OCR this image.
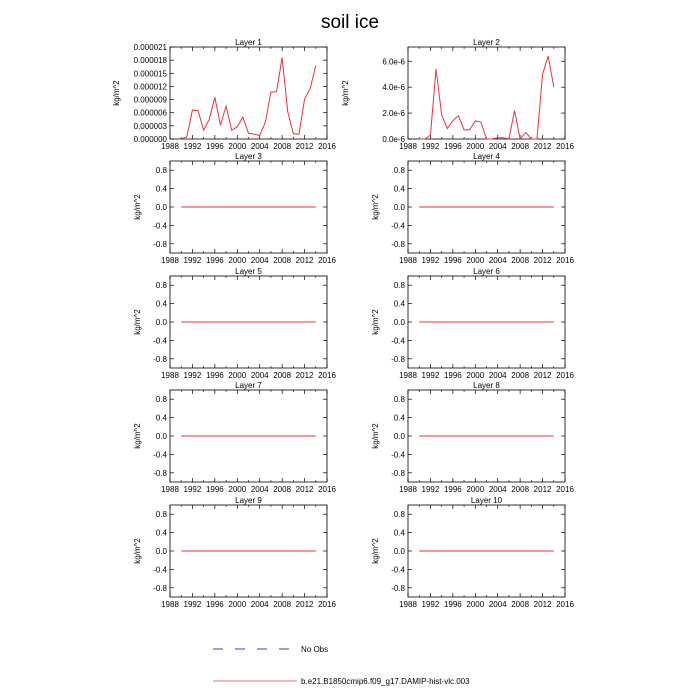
soil ice
Layer 1
1988 1992 1996 2000 2004 2008 2012 2016
0.000000
0.000003
0.000006
0.000009
0.000012
0.000015
0.000018
0.000021
kg/m^2
Layer 2
1988 1992 1996 2000 2004 2008 2012 2016
0.0e-6
2.0e-6
4.0e-6
6.0e-6
kg/m^2
Layer 3
1988 1992 1996 2000 2004 2008 2012 2016
-0.8
-0.4
0.0
0.4
0.8
kg/m^2
Layer 4
1988 1992 1996 2000 2004 2008 2012 2016
-0.8
-0.4
0.0
0.4
0.8
kg/m^2
Layer 5
1988 1992 1996 2000 2004 2008 2012 2016
-0.8
-0.4
0.0
0.4
0.8
kg/m^2
Layer 6
1988 1992 1996 2000 2004 2008 2012 2016
-0.8
-0.4
0.0
0.4
0.8
kg/m^2
Layer 7
1988 1992 1996 2000 2004 2008 2012 2016
-0.8
-0.4
0.0
0.4
0.8
kg/m^2
Layer 8
1988 1992 1996 2000 2004 2008 2012 2016
-0.8
-0.4
0.0
0.4
0.8
kg/m^2
Layer 9
1988 1992 1996 2000 2004 2008 2012 2016
-0.8
-0.4
0.0
0.4
0.8
kg/m^2
Layer 10
1988 1992 1996 2000 2004 2008 2012 2016
-0.8
-0.4
0.0
0.4
0.8
kg/m^2
No Obs
b.e21.B1850cmip6.f09_g17.DAMIP-hist-vlc.003
